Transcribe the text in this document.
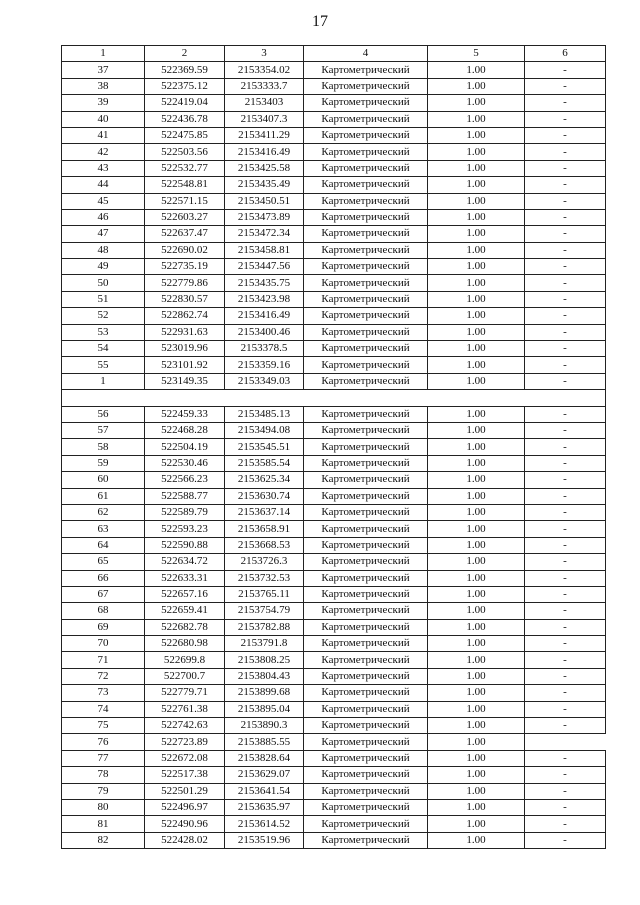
17
1	2	3	4	5	6
37	522369.59	2153354.02	Картометрический	1.00	-
38	522375.12	2153333.7	Картометрический	1.00	-
39	522419.04	2153403	Картометрический	1.00	-
40	522436.78	2153407.3	Картометрический	1.00	-
41	522475.85	2153411.29	Картометрический	1.00	-
42	522503.56	2153416.49	Картометрический	1.00	-
43	522532.77	2153425.58	Картометрический	1.00	-
44	522548.81	2153435.49	Картометрический	1.00	-
45	522571.15	2153450.51	Картометрический	1.00	-
46	522603.27	2153473.89	Картометрический	1.00	-
47	522637.47	2153472.34	Картометрический	1.00	-
48	522690.02	2153458.81	Картометрический	1.00	-
49	522735.19	2153447.56	Картометрический	1.00	-
50	522779.86	2153435.75	Картометрический	1.00	-
51	522830.57	2153423.98	Картометрический	1.00	-
52	522862.74	2153416.49	Картометрический	1.00	-
53	522931.63	2153400.46	Картометрический	1.00	-
54	523019.96	2153378.5	Картометрический	1.00	-
55	523101.92	2153359.16	Картометрический	1.00	-
1	523149.35	2153349.03	Картометрический	1.00	-

56	522459.33	2153485.13	Картометрический	1.00	-
57	522468.28	2153494.08	Картометрический	1.00	-
58	522504.19	2153545.51	Картометрический	1.00	-
59	522530.46	2153585.54	Картометрический	1.00	-
60	522566.23	2153625.34	Картометрический	1.00	-
61	522588.77	2153630.74	Картометрический	1.00	-
62	522589.79	2153637.14	Картометрический	1.00	-
63	522593.23	2153658.91	Картометрический	1.00	-
64	522590.88	2153668.53	Картометрический	1.00	-
65	522634.72	2153726.3	Картометрический	1.00	-
66	522633.31	2153732.53	Картометрический	1.00	-
67	522657.16	2153765.11	Картометрический	1.00	-
68	522659.41	2153754.79	Картометрический	1.00	-
69	522682.78	2153782.88	Картометрический	1.00	-
70	522680.98	2153791.8	Картометрический	1.00	-
71	522699.8	2153808.25	Картометрический	1.00	-
72	522700.7	2153804.43	Картометрический	1.00	-
73	522779.71	2153899.68	Картометрический	1.00	-
74	522761.38	2153895.04	Картометрический	1.00	-
75	522742.63	2153890.3	Картометрический	1.00	-
76	522723.89	2153885.55	Картометрический	1.00	
77	522672.08	2153828.64	Картометрический	1.00	-
78	522517.38	2153629.07	Картометрический	1.00	-
79	522501.29	2153641.54	Картометрический	1.00	-
80	522496.97	2153635.97	Картометрический	1.00	-
81	522490.96	2153614.52	Картометрический	1.00	-
82	522428.02	2153519.96	Картометрический	1.00	-
